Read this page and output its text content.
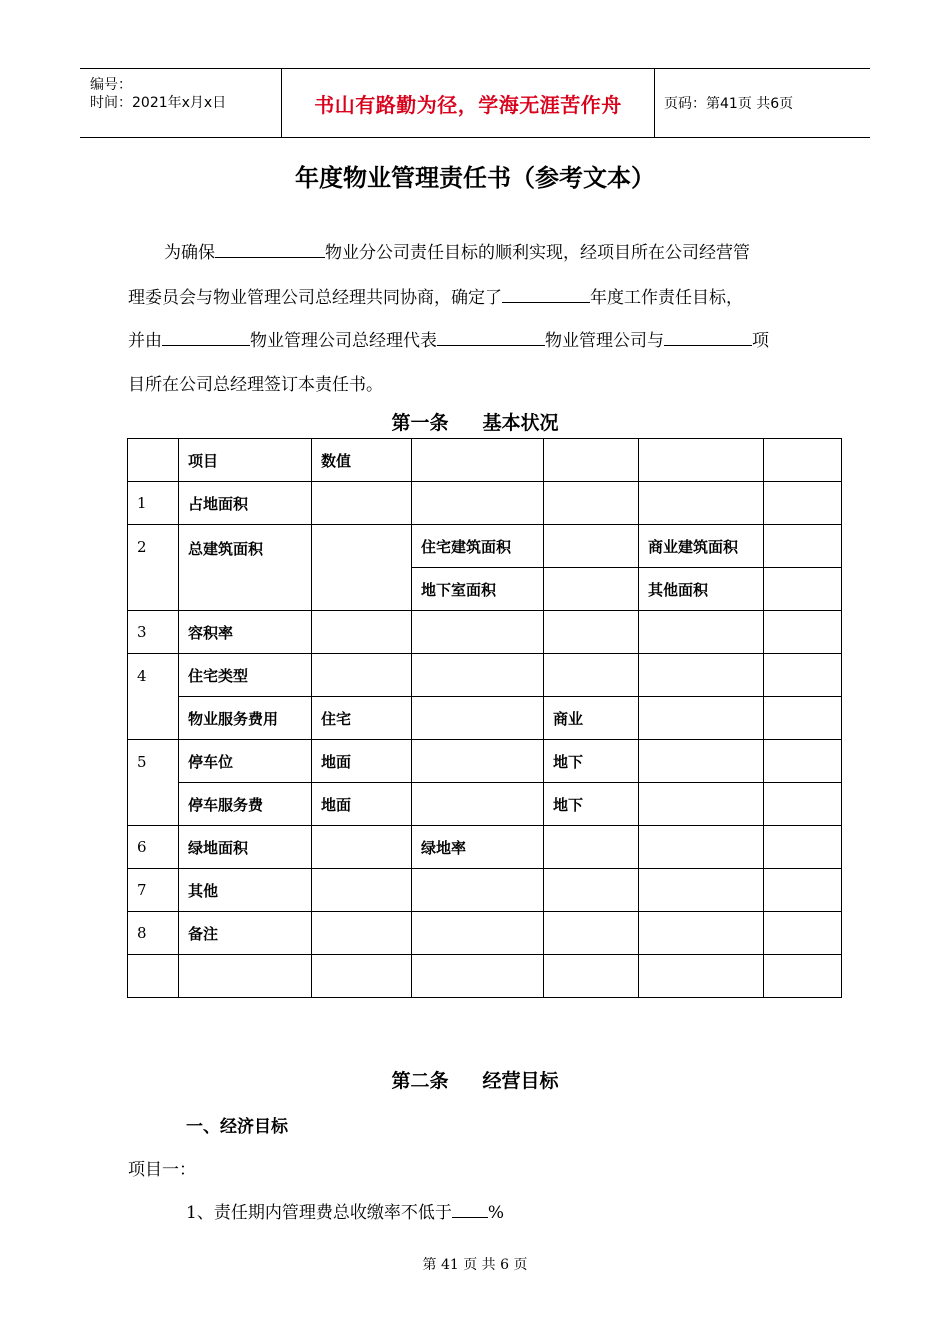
编号：
时间：2021年x月x日	书山有路勤为径，学海无涯苦作舟	页码：第41页 共6页
年度物业管理责任书（参考文本）
为确保	物业分公司责任目标的顺利实现，经项目所在公司经营管
理委员会与物业管理公司总经理共同协商，确定了	年度工作责任目标，
并由	物业管理公司总经理代表	物业管理公司与	项
目所在公司总经理签订本责任书。
第一条 基本状况
	项目	数值				
1	占地面积					
2	总建筑面积		住宅建筑面积		商业建筑面积	
			地下室面积		其他面积	
3	容积率					
4	住宅类型					
	物业服务费用	住宅		商业		
5	停车位	地面		地下		
	停车服务费	地面		地下		
6	绿地面积		绿地率			
7	其他					
8	备注					

第二条 经营目标
一、经济目标
项目一：
1、责任期内管理费总收缴率不低于 %
第 41 页 共 6 页
